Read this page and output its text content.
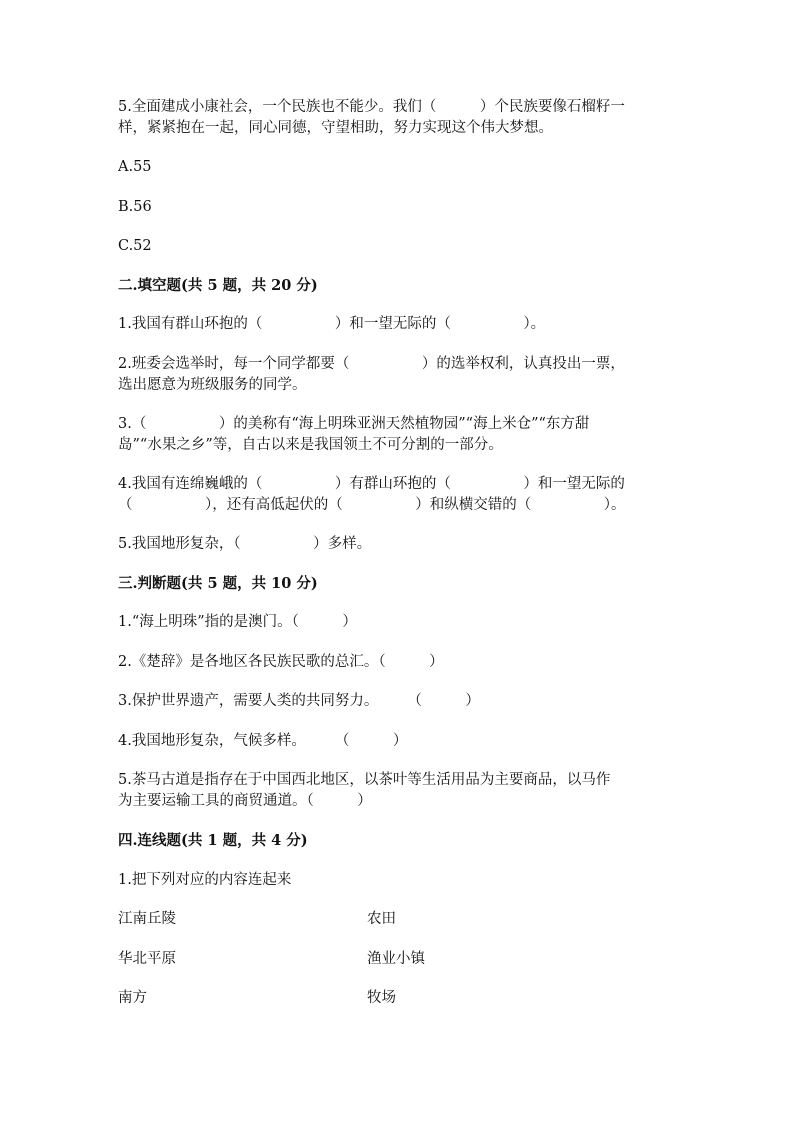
5.全面建成小康社会，一个民族也不能少。我们（　　　）个民族要像石榴籽一
样，紧紧抱在一起，同心同德，守望相助，努力实现这个伟大梦想。
A.55
B.56
C.52
二.填空题(共 5 题，共 20 分)
1.我国有群山环抱的（　　　　　）和一望无际的（　　　　　）。
2.班委会选举时，每一个同学都要（　　　　　）的选举权利，认真投出一票，
选出愿意为班级服务的同学。
3.（　　　　　）的美称有“海上明珠亚洲天然植物园”“海上米仓”“东方甜
岛”“水果之乡”等，自古以来是我国领土不可分割的一部分。
4.我国有连绵巍峨的（　　　　　）有群山环抱的（　　　　　）和一望无际的
（　　　　　），还有高低起伏的（　　　　　）和纵横交错的（　　　　　）。
5.我国地形复杂，（　　　　　）多样。
三.判断题(共 5 题，共 10 分)
1.“海上明珠”指的是澳门。（　　　）
2.《楚辞》是各地区各民族民歌的总汇。（　　　）
3.保护世界遗产，需要人类的共同努力。　　　（　　　）
4.我国地形复杂，气候多样。　　　（　　　）
5.茶马古道是指存在于中国西北地区，以茶叶等生活用品为主要商品，以马作
为主要运输工具的商贸通道。（　　　）
四.连线题(共 1 题，共 4 分)
1.把下列对应的内容连起来
江南丘陵	农田
华北平原	渔业小镇
南方	牧场
